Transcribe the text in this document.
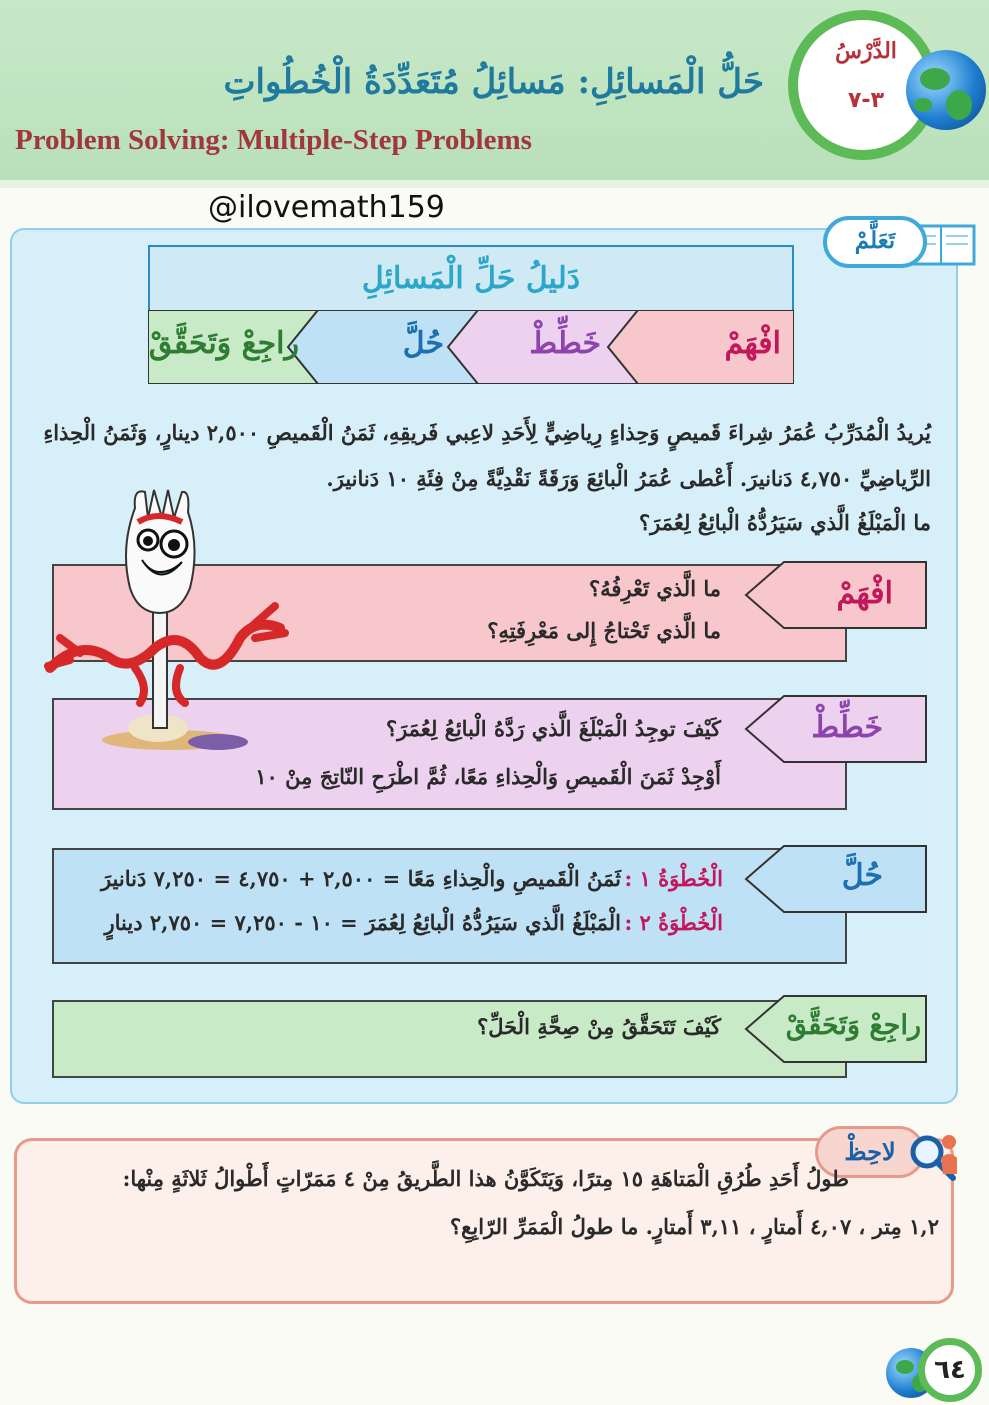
حَلُّ الْمَسائِلِ: مَسائِلُ مُتَعَدِّدَةُ الْخُطُواتِ
Problem Solving: Multiple-Step Problems
الدَّرْسُ
٣-٧
@ilovemath159
تَعَلَّمْ
دَليلُ حَلِّ الْمَسائِلِ
افْهَمْ
خَطِّطْ
حُلَّ
راجِعْ وَتَحَقَّقْ
يُريدُ الْمُدَرِّبُ عُمَرُ شِراءَ قَميصٍ وَحِذاءٍ رِياضِيٍّ لِأَحَدِ لاعِبي فَريقِهِ، ثَمَنُ الْقَميصِ ٢,٥٠٠ دينارٍ، وَثَمَنُ الْحِذاءِ
الرِّياضِيِّ ٤,٧٥٠ دَنانيرَ. أَعْطى عُمَرُ الْبائِعَ وَرَقَةً نَقْدِيَّةً مِنْ فِئَةِ ١٠ دَنانيرَ.
ما الْمَبْلَغُ الَّذي سَيَرُدُّهُ الْبائِعُ لِعُمَرَ؟
افْهَمْ
ما الَّذي تَعْرِفُهُ؟
ما الَّذي تَحْتاجُ إِلى مَعْرِفَتِهِ؟
خَطِّطْ
كَيْفَ توجِدُ الْمَبْلَغَ الَّذي رَدَّهُ الْبائِعُ لِعُمَرَ؟
أَوْجِدْ ثَمَنَ الْقَميصِ وَالْحِذاءِ مَعًا، ثُمَّ اطْرَحِ النّاتِجَ مِنْ ١٠
حُلَّ
الْخُطْوَةُ ١ :
ثَمَنُ الْقَميصِ والْحِذاءِ مَعًا = ٢,٥٠٠ + ٤,٧٥٠ = ٧,٢٥٠ دَنانيرَ
الْخُطْوَةُ ٢ :
الْمَبْلَغُ الَّذي سَيَرُدُّهُ الْبائِعُ لِعُمَرَ = ١٠ - ٧,٢٥٠ = ٢,٧٥٠ دينارٍ
راجِعْ وَتَحَقَّقْ
كَيْفَ تَتَحَقَّقُ مِنْ صِحَّةِ الْحَلِّ؟
لاحِظْ
طولُ أَحَدِ طُرُقِ الْمَتاهَةِ ١٥ مِترًا، وَيَتَكَوَّنُ هذا الطَّريقُ مِنْ ٤ مَمَرّاتٍ أَطْوالُ ثَلاثَةٍ مِنْها:
١,٢ مِتر ، ٤,٠٧ أَمتارٍ ، ٣,١١ أَمتارٍ. ما طولُ الْمَمَرِّ الرّابِعِ؟
٦٤
